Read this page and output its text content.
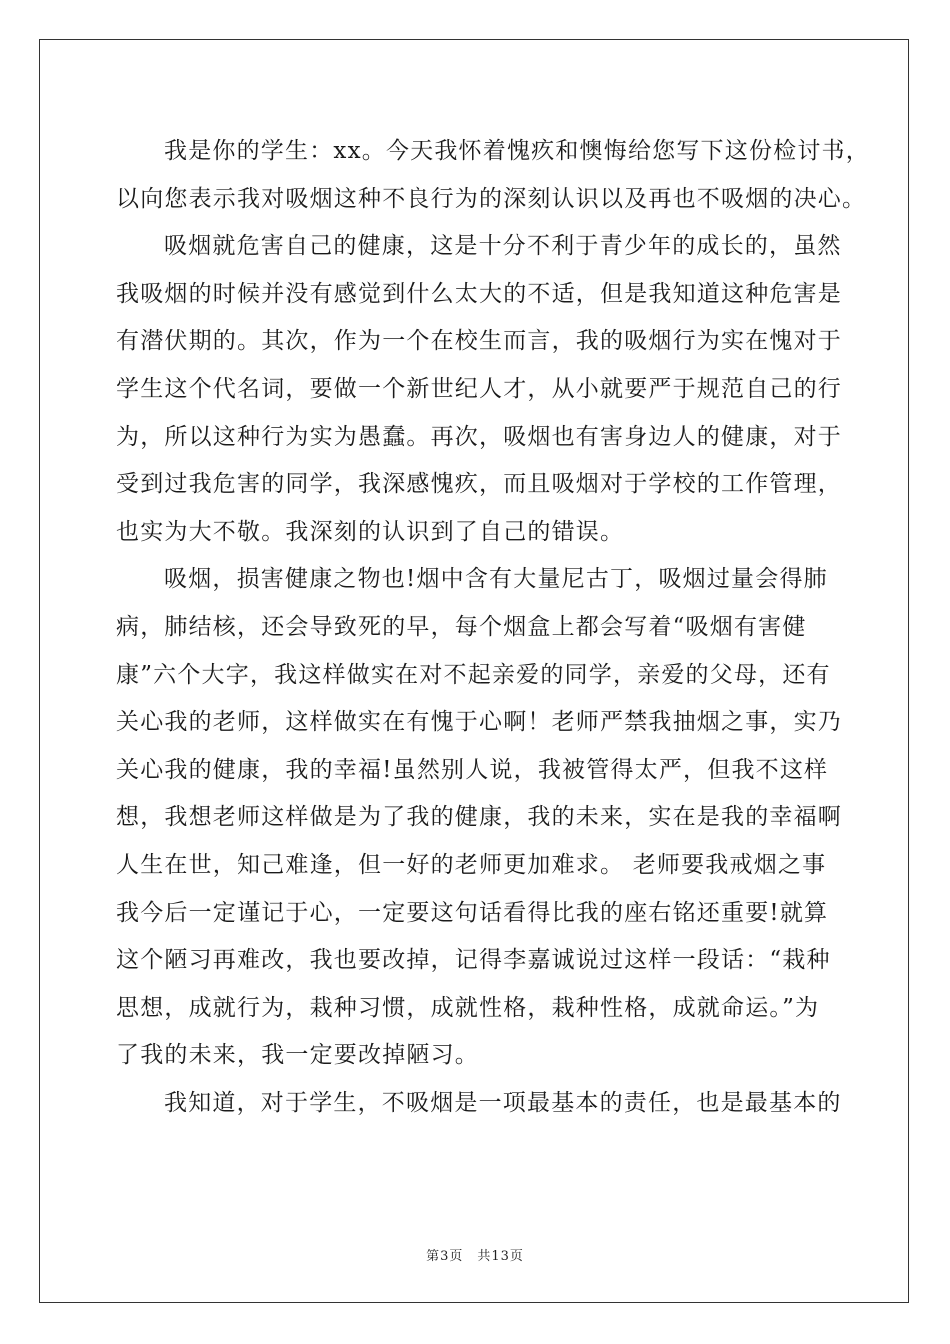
我是你的学生：xx。今天我怀着愧疚和懊悔给您写下这份检讨书，
以向您表示我对吸烟这种不良行为的深刻认识以及再也不吸烟的决心。
吸烟就危害自己的健康，这是十分不利于青少年的成长的，虽然
我吸烟的时候并没有感觉到什么太大的不适，但是我知道这种危害是
有潜伏期的。其次，作为一个在校生而言，我的吸烟行为实在愧对于
学生这个代名词，要做一个新世纪人才，从小就要严于规范自己的行
为，所以这种行为实为愚蠢。再次，吸烟也有害身边人的健康，对于
受到过我危害的同学，我深感愧疚，而且吸烟对于学校的工作管理，
也实为大不敬。我深刻的认识到了自己的错误。
吸烟，损害健康之物也!烟中含有大量尼古丁，吸烟过量会得肺
病，肺结核，还会导致死的早，每个烟盒上都会写着“吸烟有害健
康”六个大字，我这样做实在对不起亲爱的同学，亲爱的父母，还有
关心我的老师，这样做实在有愧于心啊！老师严禁我抽烟之事，实乃
关心我的健康，我的幸福!虽然别人说，我被管得太严，但我不这样
想，我想老师这样做是为了我的健康，我的未来，实在是我的幸福啊
人生在世，知己难逢，但一好的老师更加难求。 老师要我戒烟之事
我今后一定谨记于心，一定要这句话看得比我的座右铭还重要!就算
这个陋习再难改，我也要改掉，记得李嘉诚说过这样一段话：“栽种
思想，成就行为，栽种习惯，成就性格，栽种性格，成就命运。”为
了我的未来，我一定要改掉陋习。
我知道，对于学生，不吸烟是一项最基本的责任，也是最基本的
第3页　共13页
